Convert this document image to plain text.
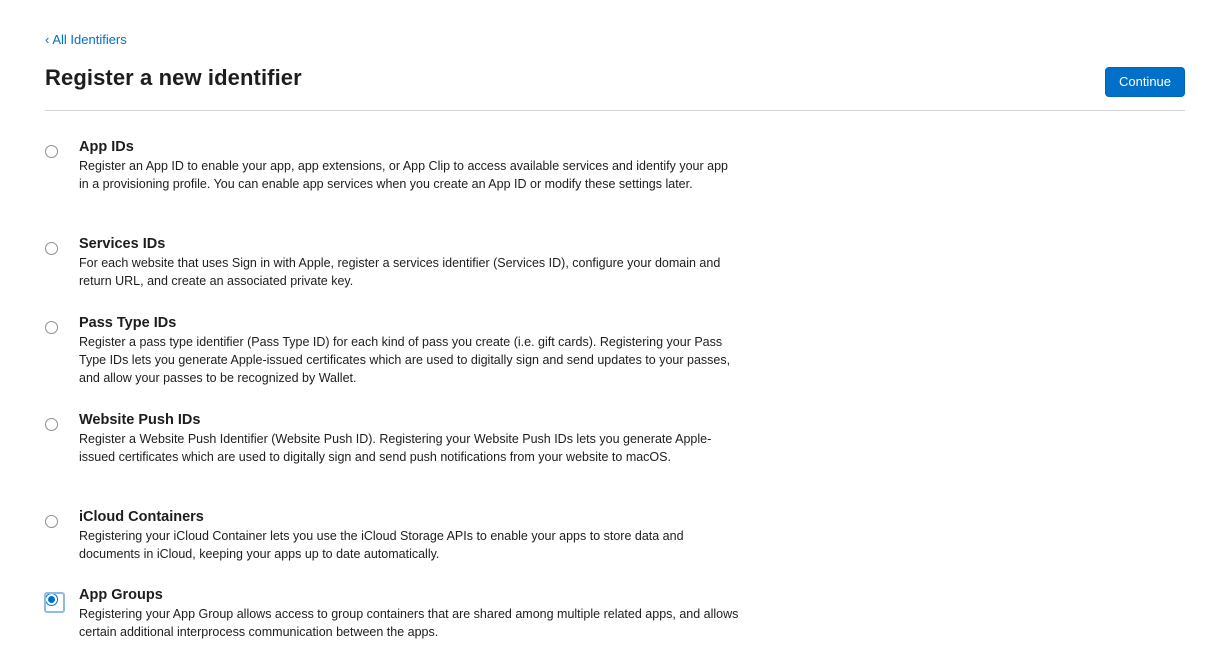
‹ All Identifiers
Register a new identifier	Continue
App IDs
Register an App ID to enable your app, app extensions, or App Clip to access available services and identify your app in a provisioning profile. You can enable app services when you create an App ID or modify these settings later.
Services IDs
For each website that uses Sign in with Apple, register a services identifier (Services ID), configure your domain and return URL, and create an associated private key.
Pass Type IDs
Register a pass type identifier (Pass Type ID) for each kind of pass you create (i.e. gift cards). Registering your Pass Type IDs lets you generate Apple-issued certificates which are used to digitally sign and send updates to your passes, and allow your passes to be recognized by Wallet.
Website Push IDs
Register a Website Push Identifier (Website Push ID). Registering your Website Push IDs lets you generate Apple-issued certificates which are used to digitally sign and send push notifications from your website to macOS.
iCloud Containers
Registering your iCloud Container lets you use the iCloud Storage APIs to enable your apps to store data and documents in iCloud, keeping your apps up to date automatically.
App Groups
Registering your App Group allows access to group containers that are shared among multiple related apps, and allows certain additional interprocess communication between the apps.
